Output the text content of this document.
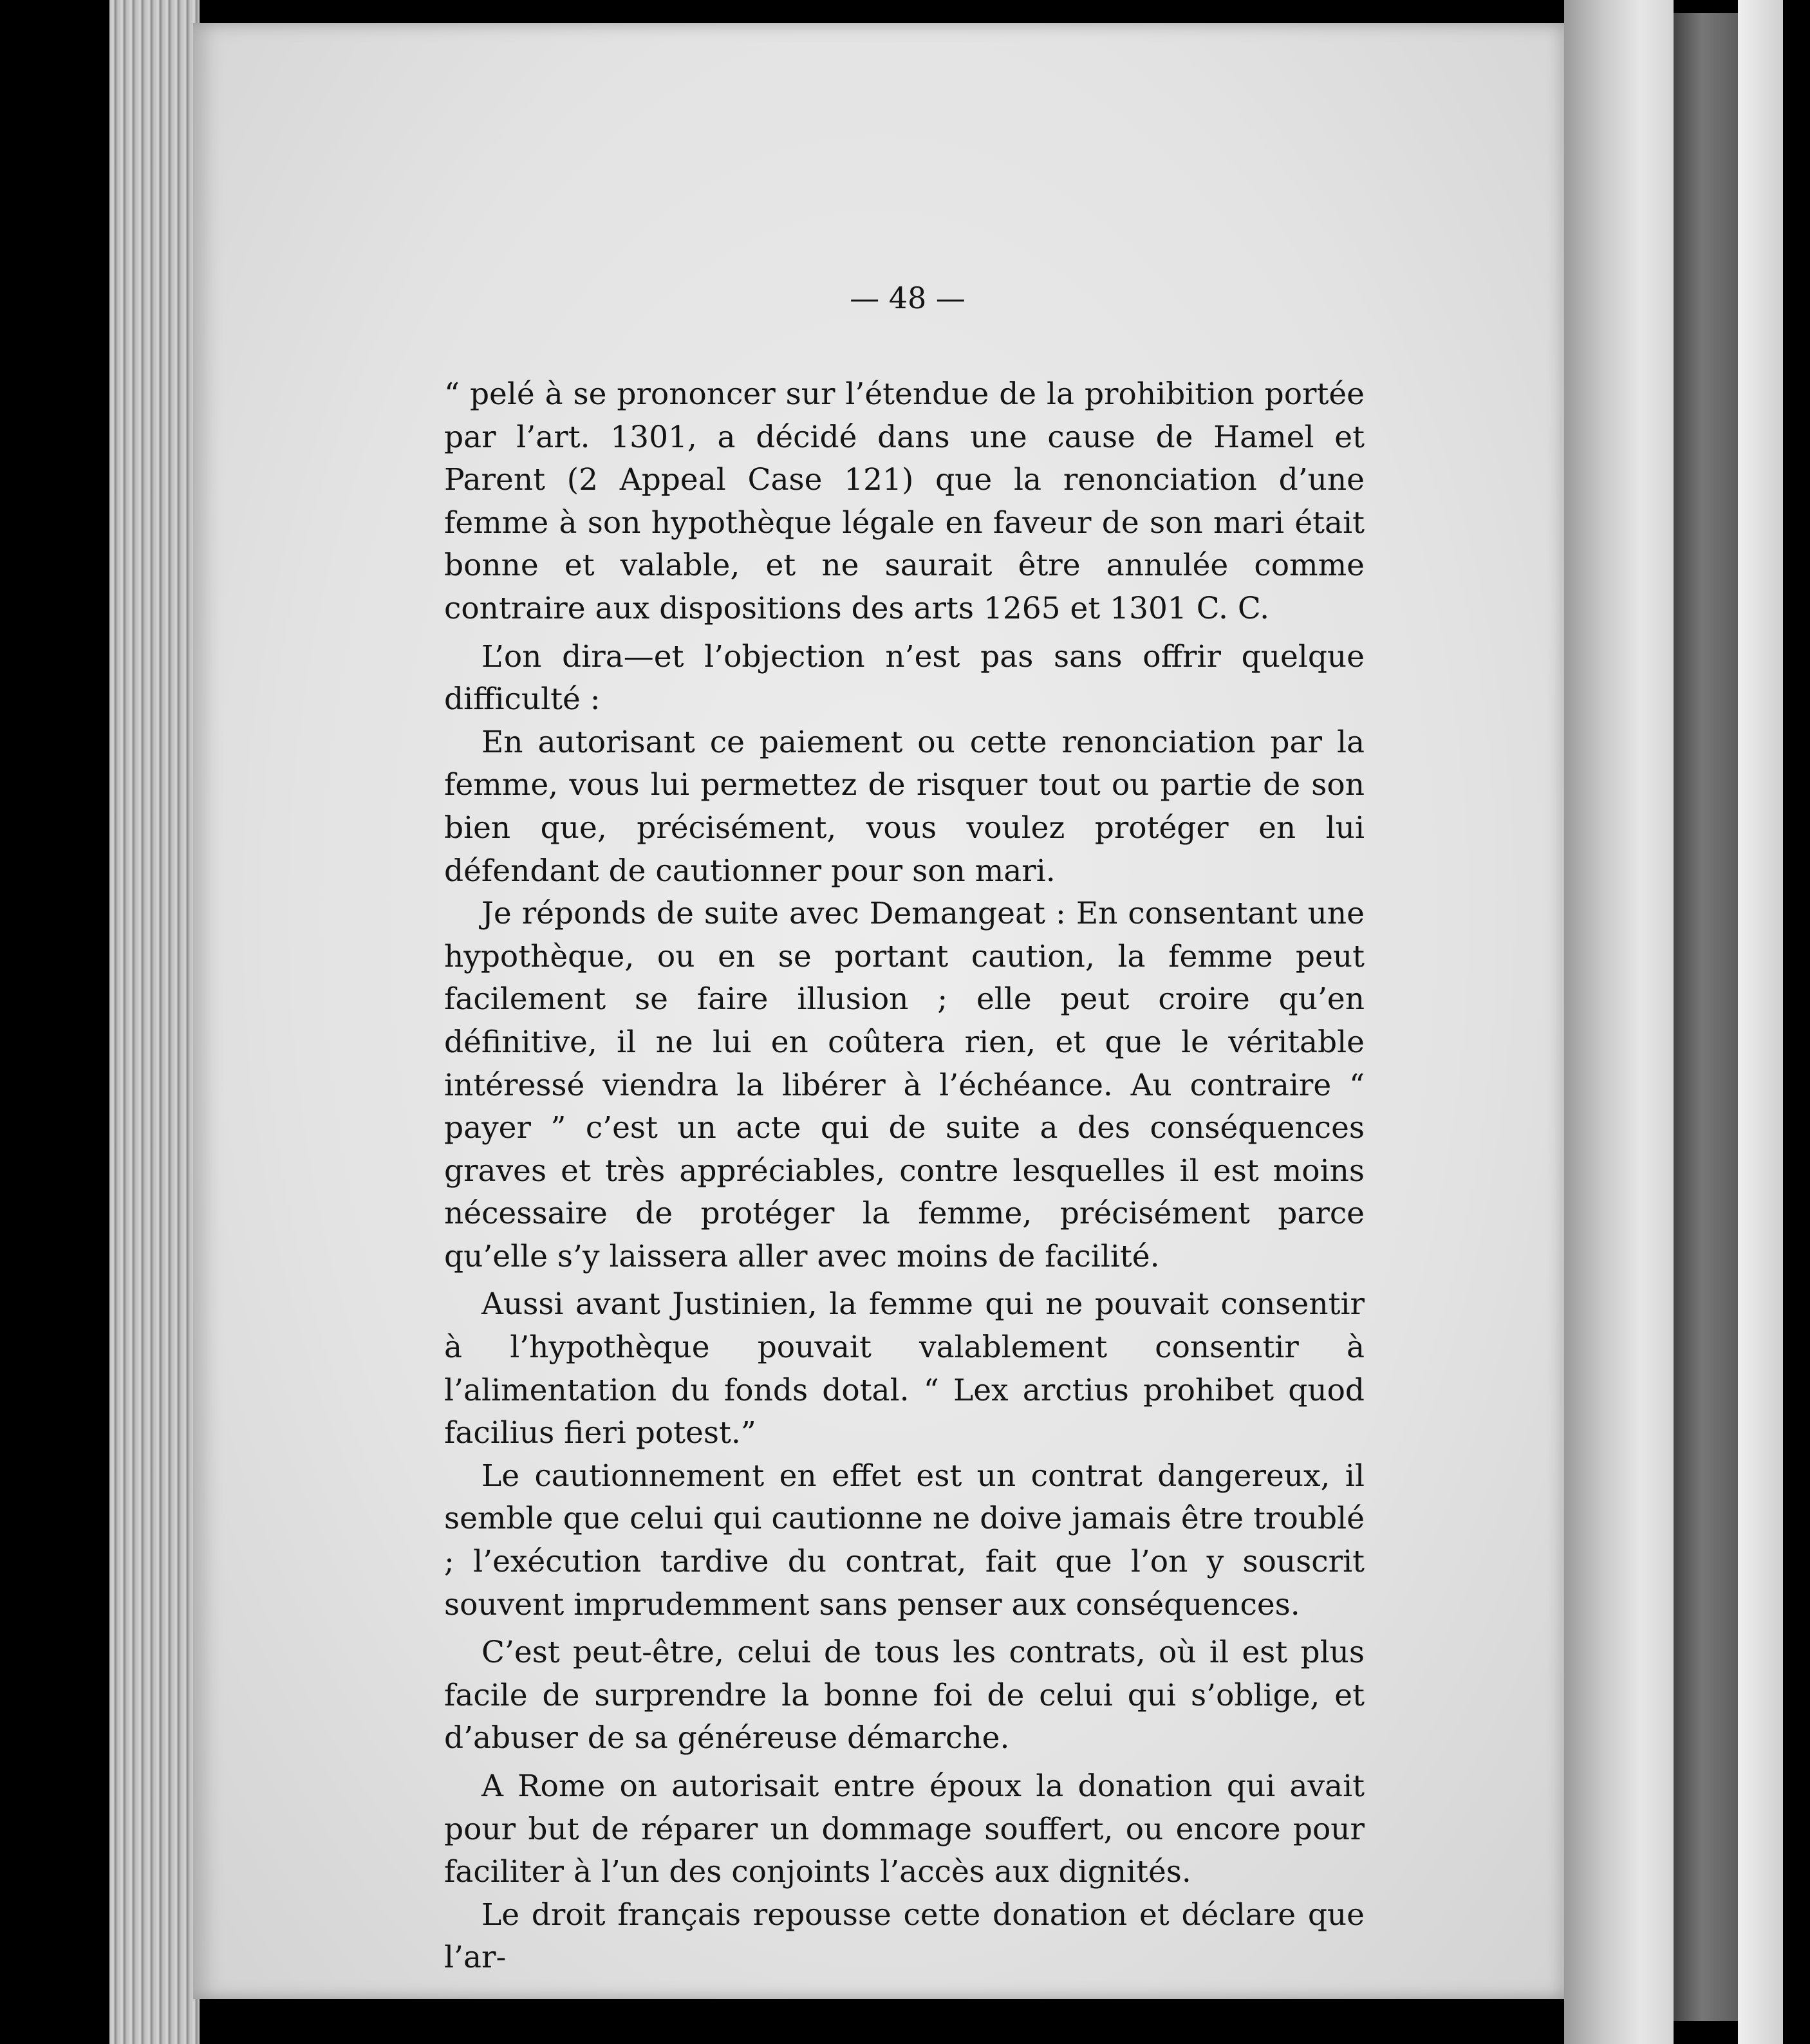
— 48 —

“ pelé à se prononcer sur l’étendue de la prohibition portée par l’art. 1301, a décidé dans une cause de Hamel et Parent (2 Appeal Case 121) que la renonciation d’une femme à son hypothèque légale en faveur de son mari était bonne et valable, et ne saurait être annulée comme contraire aux dispositions des arts 1265 et 1301 C. C.

L’on dira—et l’objection n’est pas sans offrir quelque difficulté :

En autorisant ce paiement ou cette renonciation par la femme, vous lui permettez de risquer tout ou partie de son bien que, précisément, vous voulez protéger en lui défendant de cautionner pour son mari.

Je réponds de suite avec Demangeat : En consentant une hypothèque, ou en se portant caution, la femme peut facilement se faire illusion ; elle peut croire qu’en définitive, il ne lui en coûtera rien, et que le véritable intéressé viendra la libérer à l’échéance. Au contraire “ payer ” c’est un acte qui de suite a des conséquences graves et très appréciables, contre lesquelles il est moins nécessaire de protéger la femme, précisément parce qu’elle s’y laissera aller avec moins de facilité.

Aussi avant Justinien, la femme qui ne pouvait consentir à l’hypothèque pouvait valablement consentir à l’alimentation du fonds dotal. “ Lex arctius prohibet quod facilius fieri potest.”

Le cautionnement en effet est un contrat dangereux, il semble que celui qui cautionne ne doive jamais être troublé ; l’exécution tardive du contrat, fait que l’on y souscrit souvent imprudemment sans penser aux conséquences.

C’est peut-être, celui de tous les contrats, où il est plus facile de surprendre la bonne foi de celui qui s’oblige, et d’abuser de sa généreuse démarche.

A Rome on autorisait entre époux la donation qui avait pour but de réparer un dommage souffert, ou encore pour faciliter à l’un des conjoints l’accès aux dignités.

Le droit français repousse cette donation et déclare que l’ar-
